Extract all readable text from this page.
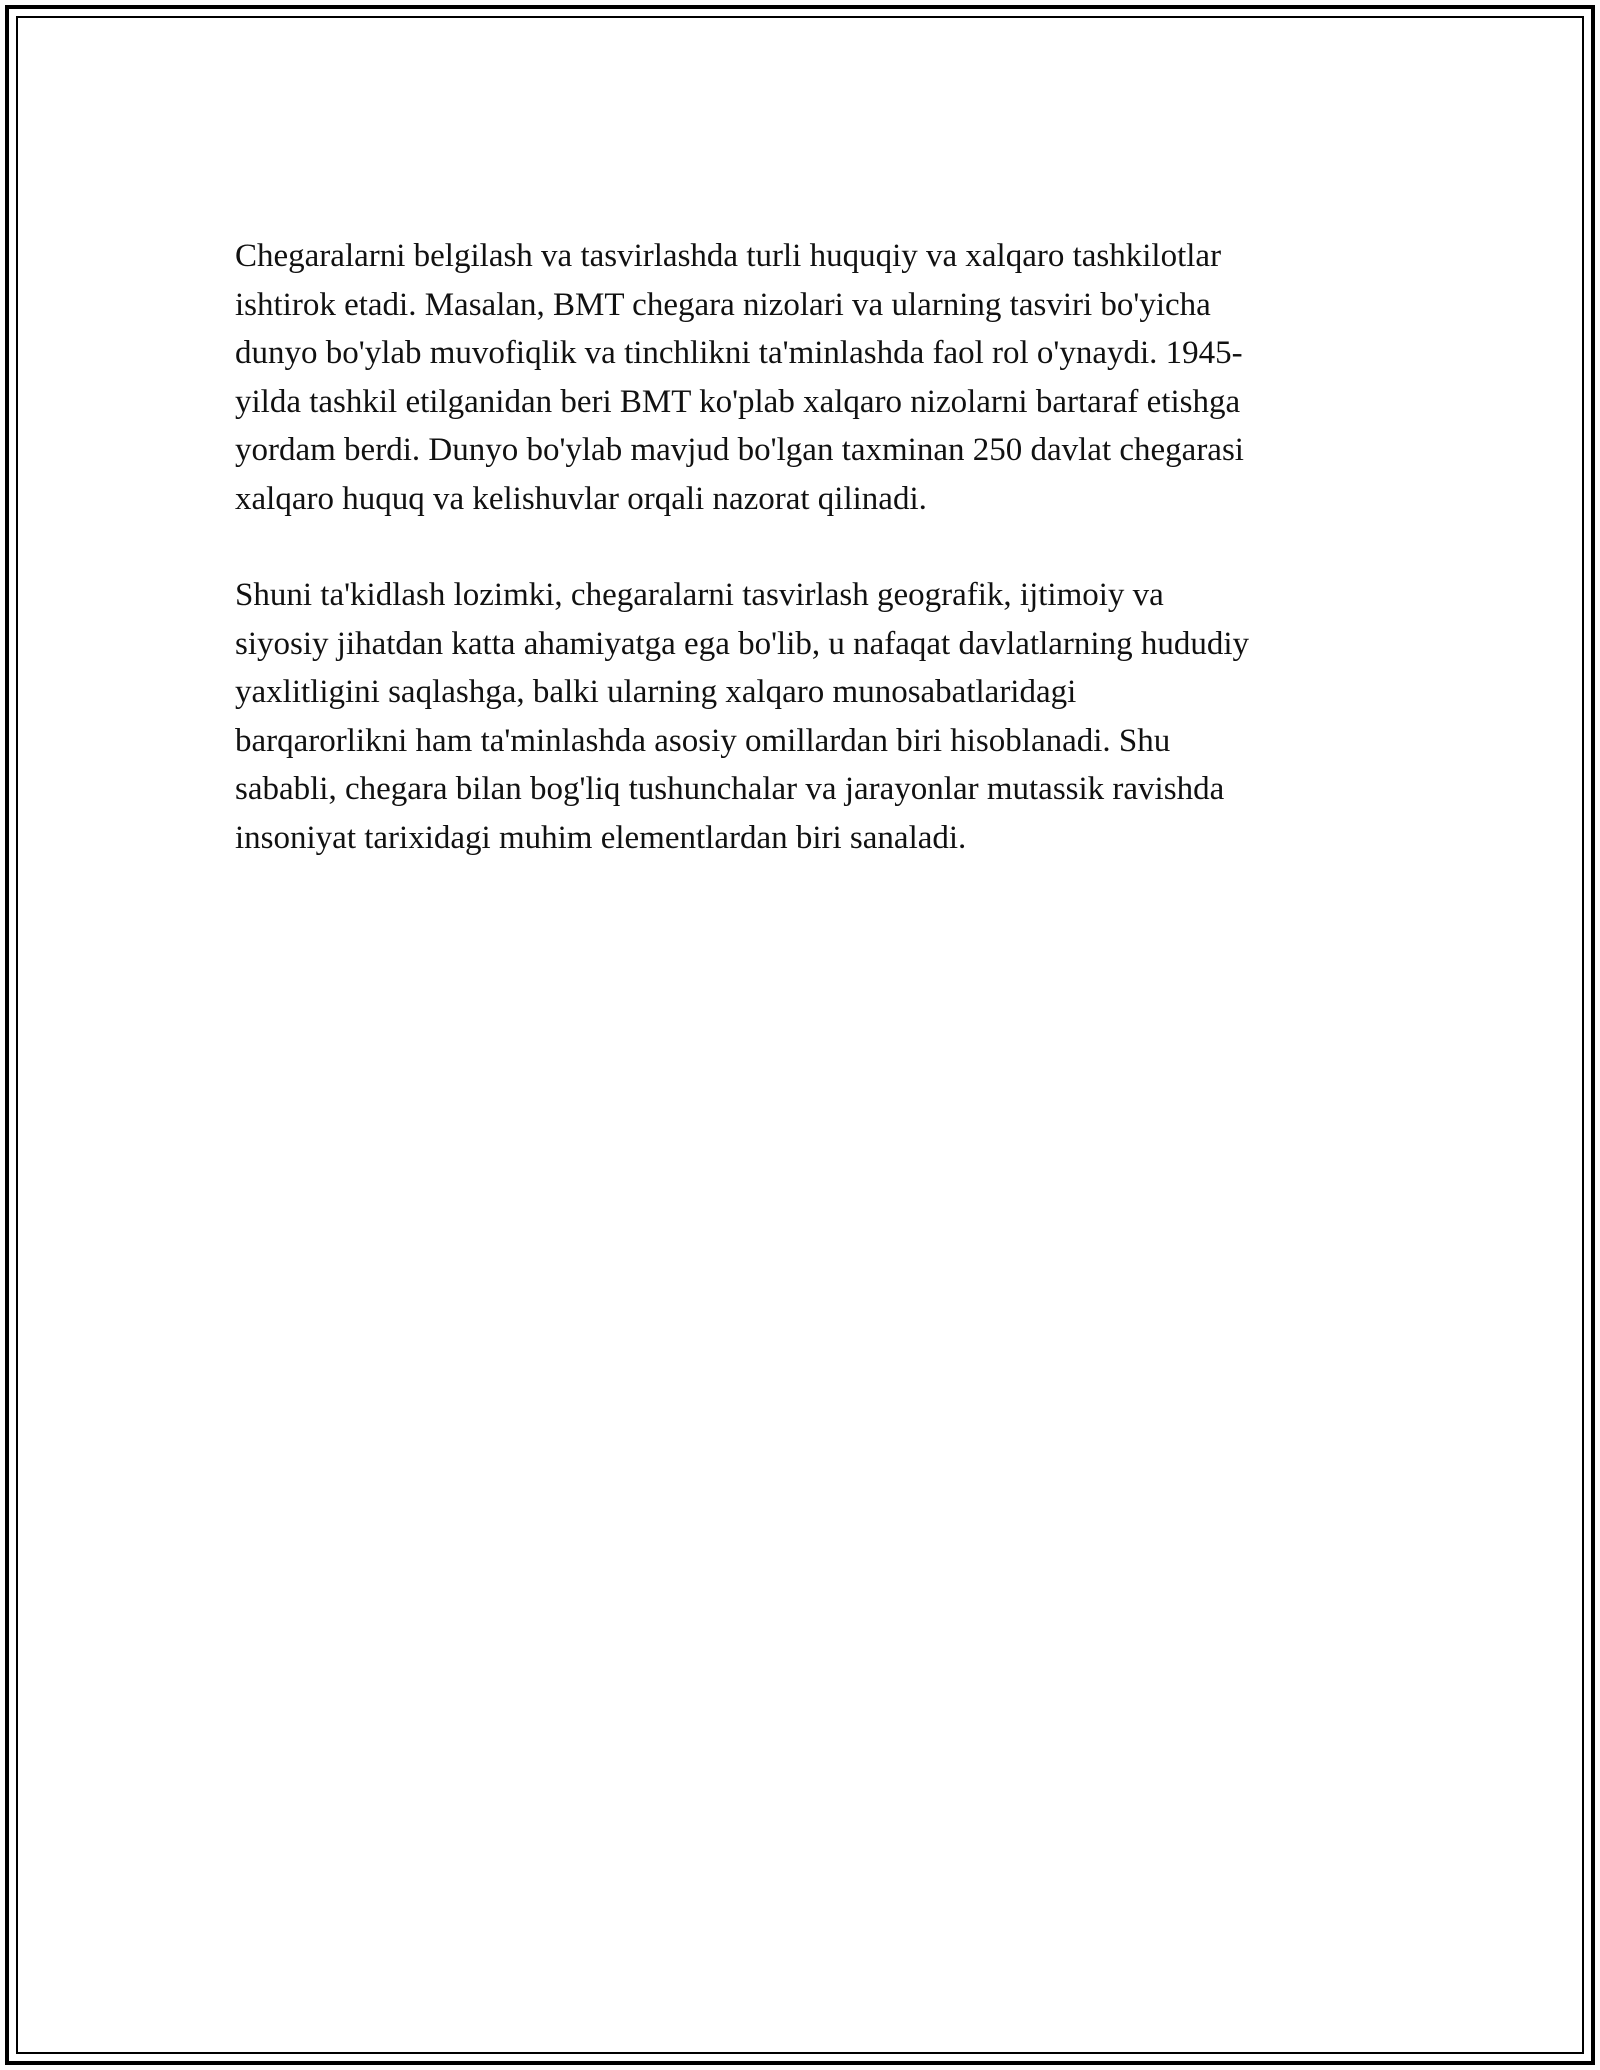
Chegaralarni belgilash va tasvirlashda turli huquqiy va xalqaro tashkilotlar
ishtirok etadi. Masalan, BMT chegara nizolari va ularning tasviri bo'yicha
dunyo bo'ylab muvofiqlik va tinchlikni ta'minlashda faol rol o'ynaydi. 1945-
yilda tashkil etilganidan beri BMT ko'plab xalqaro nizolarni bartaraf etishga
yordam berdi. Dunyo bo'ylab mavjud bo'lgan taxminan 250 davlat chegarasi
xalqaro huquq va kelishuvlar orqali nazorat qilinadi.

Shuni ta'kidlash lozimki, chegaralarni tasvirlash geografik, ijtimoiy va
siyosiy jihatdan katta ahamiyatga ega bo'lib, u nafaqat davlatlarning hududiy
yaxlitligini saqlashga, balki ularning xalqaro munosabatlaridagi
barqarorlikni ham ta'minlashda asosiy omillardan biri hisoblanadi. Shu
sababli, chegara bilan bog'liq tushunchalar va jarayonlar mutassik ravishda
insoniyat tarixidagi muhim elementlardan biri sanaladi.
